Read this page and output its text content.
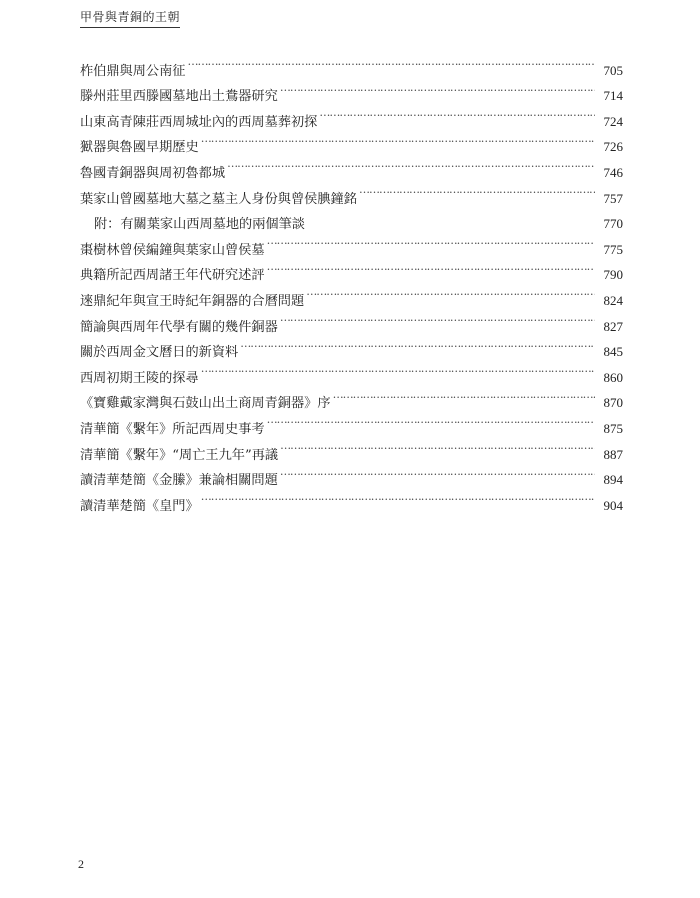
甲骨與青銅的王朝
柞伯鼎與周公南征 ………………………………………………………………………………………………………………………………………………………………………………………………………………………………………………	705
滕州莊里西滕國墓地出土鴦器研究 ………………………………………………………………………………………………………………………………………………………………………………………………………………………………………………	714
山東高青陳莊西周城址內的西周墓葬初探 ………………………………………………………………………………………………………………………………………………………………………………………………………………………………………………	724
㺇器與魯國早期歷史 ………………………………………………………………………………………………………………………………………………………………………………………………………………………………………………	726
魯國青銅器與周初魯都城 ………………………………………………………………………………………………………………………………………………………………………………………………………………………………………………	746
葉家山曾國墓地大墓之墓主人身份與曾侯腆鐘銘 ………………………………………………………………………………………………………………………………………………………………………………………………………………………………………………	757
附：有關葉家山西周墓地的兩個筆談	770
棗樹林曾侯編鐘與葉家山曾侯墓 ………………………………………………………………………………………………………………………………………………………………………………………………………………………………………………	775
典籍所記西周諸王年代研究述評 ………………………………………………………………………………………………………………………………………………………………………………………………………………………………………………	790
逨鼎紀年與宣王時紀年銅器的合曆問題 ………………………………………………………………………………………………………………………………………………………………………………………………………………………………………………	824
簡論與西周年代學有關的幾件銅器 ………………………………………………………………………………………………………………………………………………………………………………………………………………………………………………	827
關於西周金文曆日的新資料 ………………………………………………………………………………………………………………………………………………………………………………………………………………………………………………	845
西周初期王陵的探尋 ………………………………………………………………………………………………………………………………………………………………………………………………………………………………………………	860
《寶雞戴家灣與石鼓山出土商周青銅器》序 ………………………………………………………………………………………………………………………………………………………………………………………………………………………………………………	870
清華簡《繫年》所記西周史事考 ………………………………………………………………………………………………………………………………………………………………………………………………………………………………………………	875
清華簡《繫年》“周亡王九年”再議 ………………………………………………………………………………………………………………………………………………………………………………………………………………………………………………	887
讀清華楚簡《金縢》兼論相關問題 ………………………………………………………………………………………………………………………………………………………………………………………………………………………………………………	894
讀清華楚簡《皇門》 ………………………………………………………………………………………………………………………………………………………………………………………………………………………………………………	904
2
